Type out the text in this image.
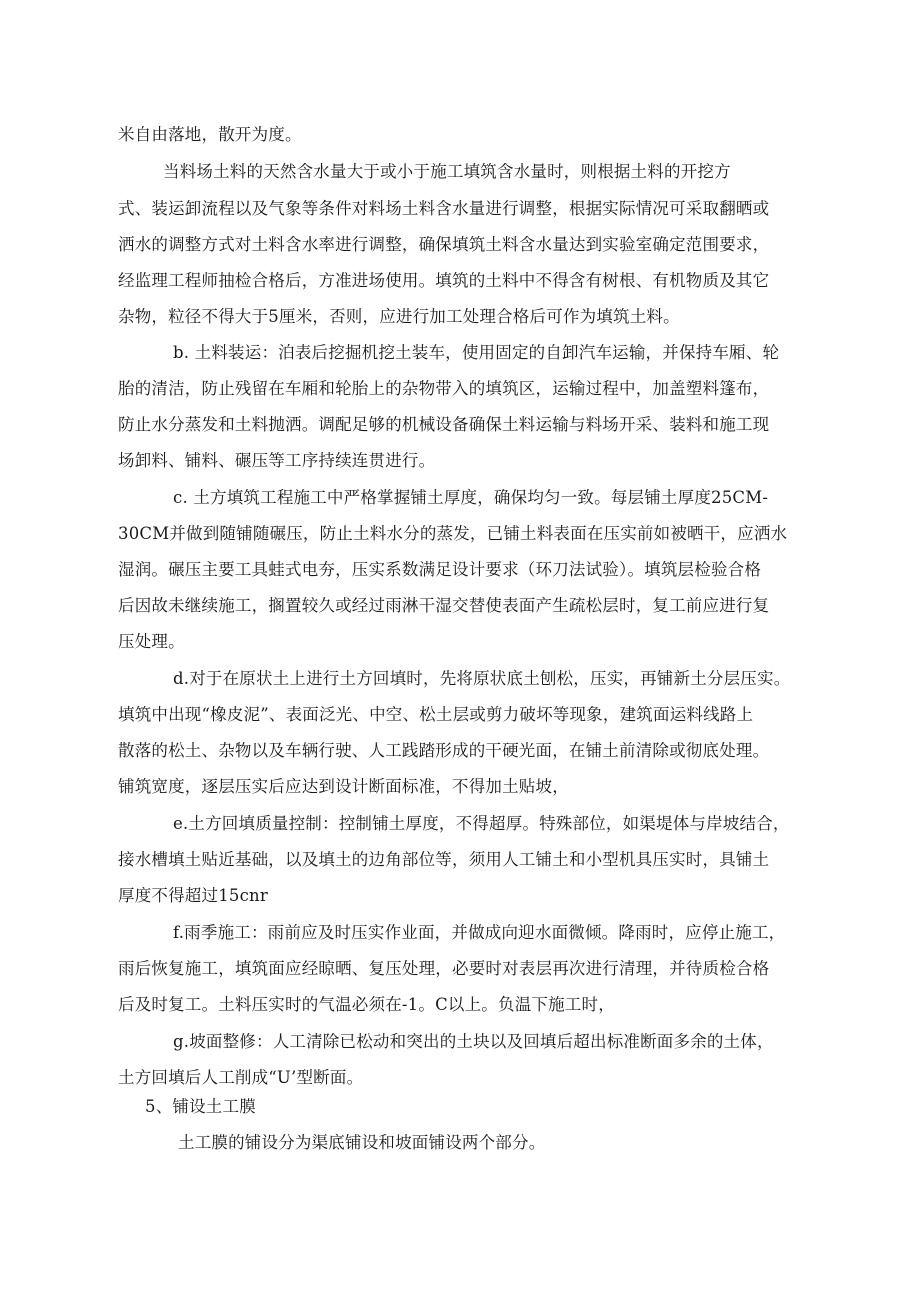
米自由落地，散开为度。
当料场土料的天然含水量大于或小于施工填筑含水量时，则根据土料的开挖方
式、装运卸流程以及气象等条件对料场土料含水量进行调整，根据实际情况可采取翻晒或
洒水的调整方式对土料含水率进行调整，确保填筑土料含水量达到实验室确定范围要求，
经监理工程师抽检合格后，方准进场使用。填筑的土料中不得含有树根、有机物质及其它
杂物，粒径不得大于5厘米，否则，应进行加工处理合格后可作为填筑土料。
b. 土料装运：泊表后挖掘机挖土装车，使用固定的自卸汽车运输，并保持车厢、轮
胎的清洁，防止残留在车厢和轮胎上的杂物带入的填筑区，运输过程中，加盖塑料篷布，
防止水分蒸发和土料抛洒。调配足够的机械设备确保土料运输与料场开采、装料和施工现
场卸料、铺料、碾压等工序持续连贯进行。
c. 土方填筑工程施工中严格掌握铺土厚度，确保均匀一致。每层铺土厚度25CM-
30CM并做到随铺随碾压，防止土料水分的蒸发，已铺土料表面在压实前如被晒干，应洒水
湿润。碾压主要工具蛙式电夯，压实系数满足设计要求（环刀法试验）。填筑层检验合格
后因故未继续施工，搁置较久或经过雨淋干湿交替使表面产生疏松层时，复工前应进行复
压处理。
d.对于在原状土上进行土方回填时，先将原状底土刨松，压实，再铺新土分层压实。
填筑中出现“橡皮泥”、表面泛光、中空、松土层或剪力破坏等现象，建筑面运料线路上
散落的松土、杂物以及车辆行驶、人工践踏形成的干硬光面，在铺土前清除或彻底处理。
铺筑宽度，逐层压实后应达到设计断面标准，不得加土贴坡，
e.土方回填质量控制：控制铺土厚度，不得超厚。特殊部位，如渠堤体与岸坡结合，
接水槽填土贴近基础，以及填土的边角部位等，须用人工铺土和小型机具压实时，具铺土
厚度不得超过15cnr
f.雨季施工：雨前应及时压实作业面，并做成向迎水面微倾。降雨时，应停止施工，
雨后恢复施工，填筑面应经晾晒、复压处理，必要时对表层再次进行清理，并待质检合格
后及时复工。土料压实时的气温必须在-1。C以上。负温下施工时，
g.坡面整修：人工清除已松动和突出的土块以及回填后超出标准断面多余的土体，
土方回填后人工削成“U’型断面。
5、铺设土工膜
土工膜的铺设分为渠底铺设和坡面铺设两个部分。
